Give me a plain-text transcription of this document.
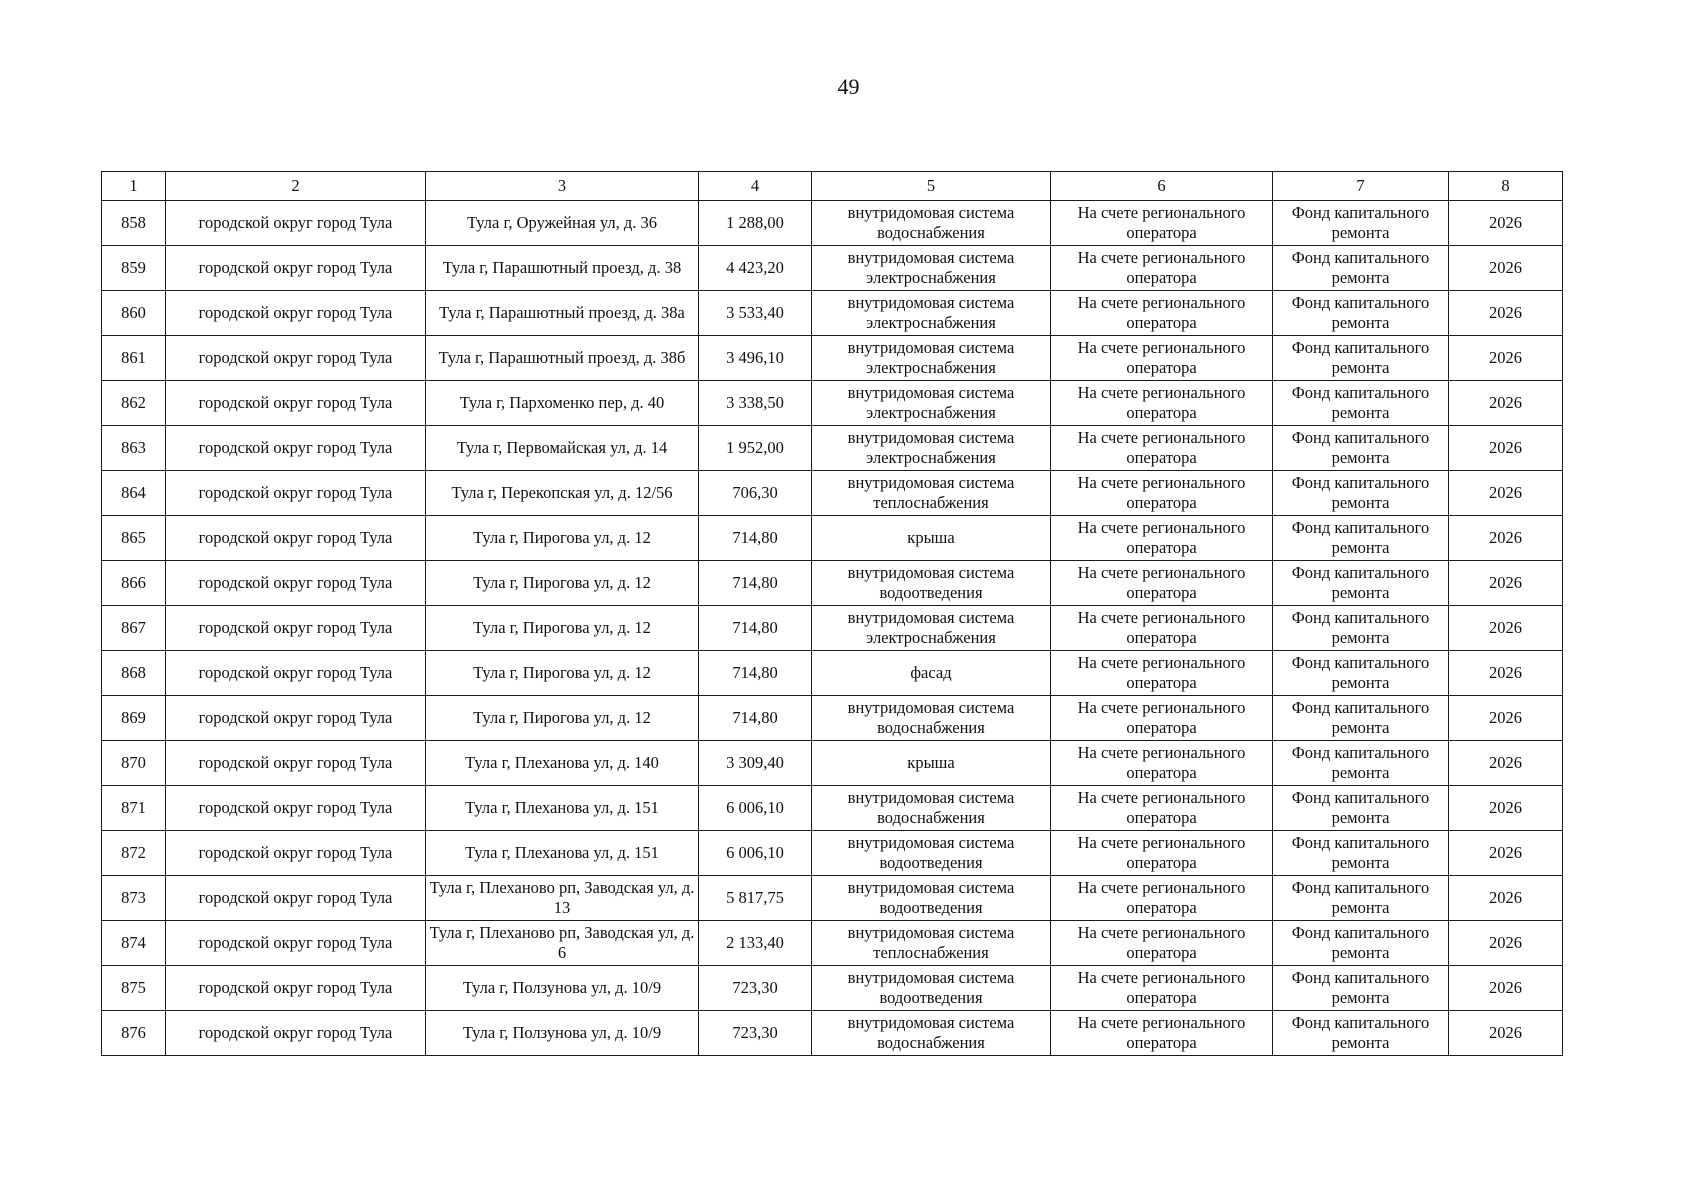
49
1	2	3	4	5	6	7	8
858	городской округ город Тула	Тула г, Оружейная ул, д. 36	1 288,00	внутридомовая система водоснабжения	На счете регионального оператора	Фонд капитального ремонта	2026
859	городской округ город Тула	Тула г, Парашютный проезд, д. 38	4 423,20	внутридомовая система электроснабжения	На счете регионального оператора	Фонд капитального ремонта	2026
860	городской округ город Тула	Тула г, Парашютный проезд, д. 38а	3 533,40	внутридомовая система электроснабжения	На счете регионального оператора	Фонд капитального ремонта	2026
861	городской округ город Тула	Тула г, Парашютный проезд, д. 38б	3 496,10	внутридомовая система электроснабжения	На счете регионального оператора	Фонд капитального ремонта	2026
862	городской округ город Тула	Тула г, Пархоменко пер, д. 40	3 338,50	внутридомовая система электроснабжения	На счете регионального оператора	Фонд капитального ремонта	2026
863	городской округ город Тула	Тула г, Первомайская ул, д. 14	1 952,00	внутридомовая система электроснабжения	На счете регионального оператора	Фонд капитального ремонта	2026
864	городской округ город Тула	Тула г, Перекопская ул, д. 12/56	706,30	внутридомовая система теплоснабжения	На счете регионального оператора	Фонд капитального ремонта	2026
865	городской округ город Тула	Тула г, Пирогова ул, д. 12	714,80	крыша	На счете регионального оператора	Фонд капитального ремонта	2026
866	городской округ город Тула	Тула г, Пирогова ул, д. 12	714,80	внутридомовая система водоотведения	На счете регионального оператора	Фонд капитального ремонта	2026
867	городской округ город Тула	Тула г, Пирогова ул, д. 12	714,80	внутридомовая система электроснабжения	На счете регионального оператора	Фонд капитального ремонта	2026
868	городской округ город Тула	Тула г, Пирогова ул, д. 12	714,80	фасад	На счете регионального оператора	Фонд капитального ремонта	2026
869	городской округ город Тула	Тула г, Пирогова ул, д. 12	714,80	внутридомовая система водоснабжения	На счете регионального оператора	Фонд капитального ремонта	2026
870	городской округ город Тула	Тула г, Плеханова ул, д. 140	3 309,40	крыша	На счете регионального оператора	Фонд капитального ремонта	2026
871	городской округ город Тула	Тула г, Плеханова ул, д. 151	6 006,10	внутридомовая система водоснабжения	На счете регионального оператора	Фонд капитального ремонта	2026
872	городской округ город Тула	Тула г, Плеханова ул, д. 151	6 006,10	внутридомовая система водоотведения	На счете регионального оператора	Фонд капитального ремонта	2026
873	городской округ город Тула	Тула г, Плеханово рп, Заводская ул, д. 13	5 817,75	внутридомовая система водоотведения	На счете регионального оператора	Фонд капитального ремонта	2026
874	городской округ город Тула	Тула г, Плеханово рп, Заводская ул, д. 6	2 133,40	внутридомовая система теплоснабжения	На счете регионального оператора	Фонд капитального ремонта	2026
875	городской округ город Тула	Тула г, Ползунова ул, д. 10/9	723,30	внутридомовая система водоотведения	На счете регионального оператора	Фонд капитального ремонта	2026
876	городской округ город Тула	Тула г, Ползунова ул, д. 10/9	723,30	внутридомовая система водоснабжения	На счете регионального оператора	Фонд капитального ремонта	2026
